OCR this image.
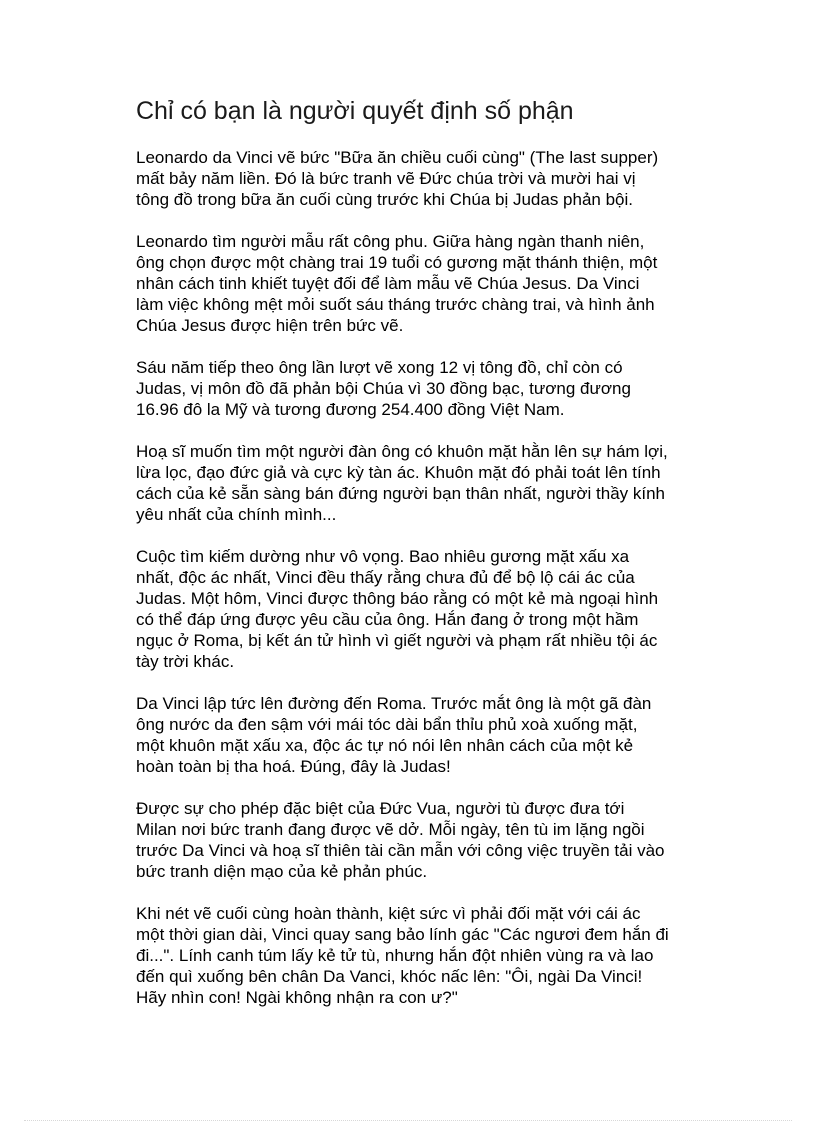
Chỉ có bạn là người quyết định số phận

Leonardo da Vinci vẽ bức "Bữa ăn chiều cuối cùng" (The last supper)
mất bảy năm liền. Đó là bức tranh vẽ Đức chúa trời và mười hai vị
tông đồ trong bữa ăn cuối cùng trước khi Chúa bị Judas phản bội.

Leonardo tìm người mẫu rất công phu. Giữa hàng ngàn thanh niên,
ông chọn được một chàng trai 19 tuổi có gương mặt thánh thiện, một
nhân cách tinh khiết tuyệt đối để làm mẫu vẽ Chúa Jesus. Da Vinci
làm việc không mệt mỏi suốt sáu tháng trước chàng trai, và hình ảnh
Chúa Jesus được hiện trên bức vẽ.

Sáu năm tiếp theo ông lần lượt vẽ xong 12 vị tông đồ, chỉ còn có
Judas, vị môn đồ đã phản bội Chúa vì 30 đồng bạc, tương đương
16.96 đô la Mỹ và tương đương 254.400 đồng Việt Nam.

Hoạ sĩ muốn tìm một người đàn ông có khuôn mặt hằn lên sự hám lợi,
lừa lọc, đạo đức giả và cực kỳ tàn ác. Khuôn mặt đó phải toát lên tính
cách của kẻ sẵn sàng bán đứng người bạn thân nhất, người thầy kính
yêu nhất của chính mình...

Cuộc tìm kiếm dường như vô vọng. Bao nhiêu gương mặt xấu xa
nhất, độc ác nhất, Vinci đều thấy rằng chưa đủ để bộ lộ cái ác của
Judas. Một hôm, Vinci được thông báo rằng có một kẻ mà ngoại hình
có thể đáp ứng được yêu cầu của ông. Hắn đang ở trong một hầm
ngục ở Roma, bị kết án tử hình vì giết người và phạm rất nhiều tội ác
tày trời khác.

Da Vinci lập tức lên đường đến Roma. Trước mắt ông là một gã đàn
ông nước da đen sậm với mái tóc dài bẩn thỉu phủ xoà xuống mặt,
một khuôn mặt xấu xa, độc ác tự nó nói lên nhân cách của một kẻ
hoàn toàn bị tha hoá. Đúng, đây là Judas!

Được sự cho phép đặc biệt của Đức Vua, người tù được đưa tới
Milan nơi bức tranh đang được vẽ dở. Mỗi ngày, tên tù im lặng ngồi
trước Da Vinci và hoạ sĩ thiên tài cần mẫn với công việc truyền tải vào
bức tranh diện mạo của kẻ phản phúc.

Khi nét vẽ cuối cùng hoàn thành, kiệt sức vì phải đối mặt với cái ác
một thời gian dài, Vinci quay sang bảo lính gác "Các ngươi đem hắn đi
đi...". Lính canh túm lấy kẻ tử tù, nhưng hắn đột nhiên vùng ra và lao
đến quì xuống bên chân Da Vanci, khóc nấc lên: "Ôi, ngài Da Vinci!
Hãy nhìn con! Ngài không nhận ra con ư?"
